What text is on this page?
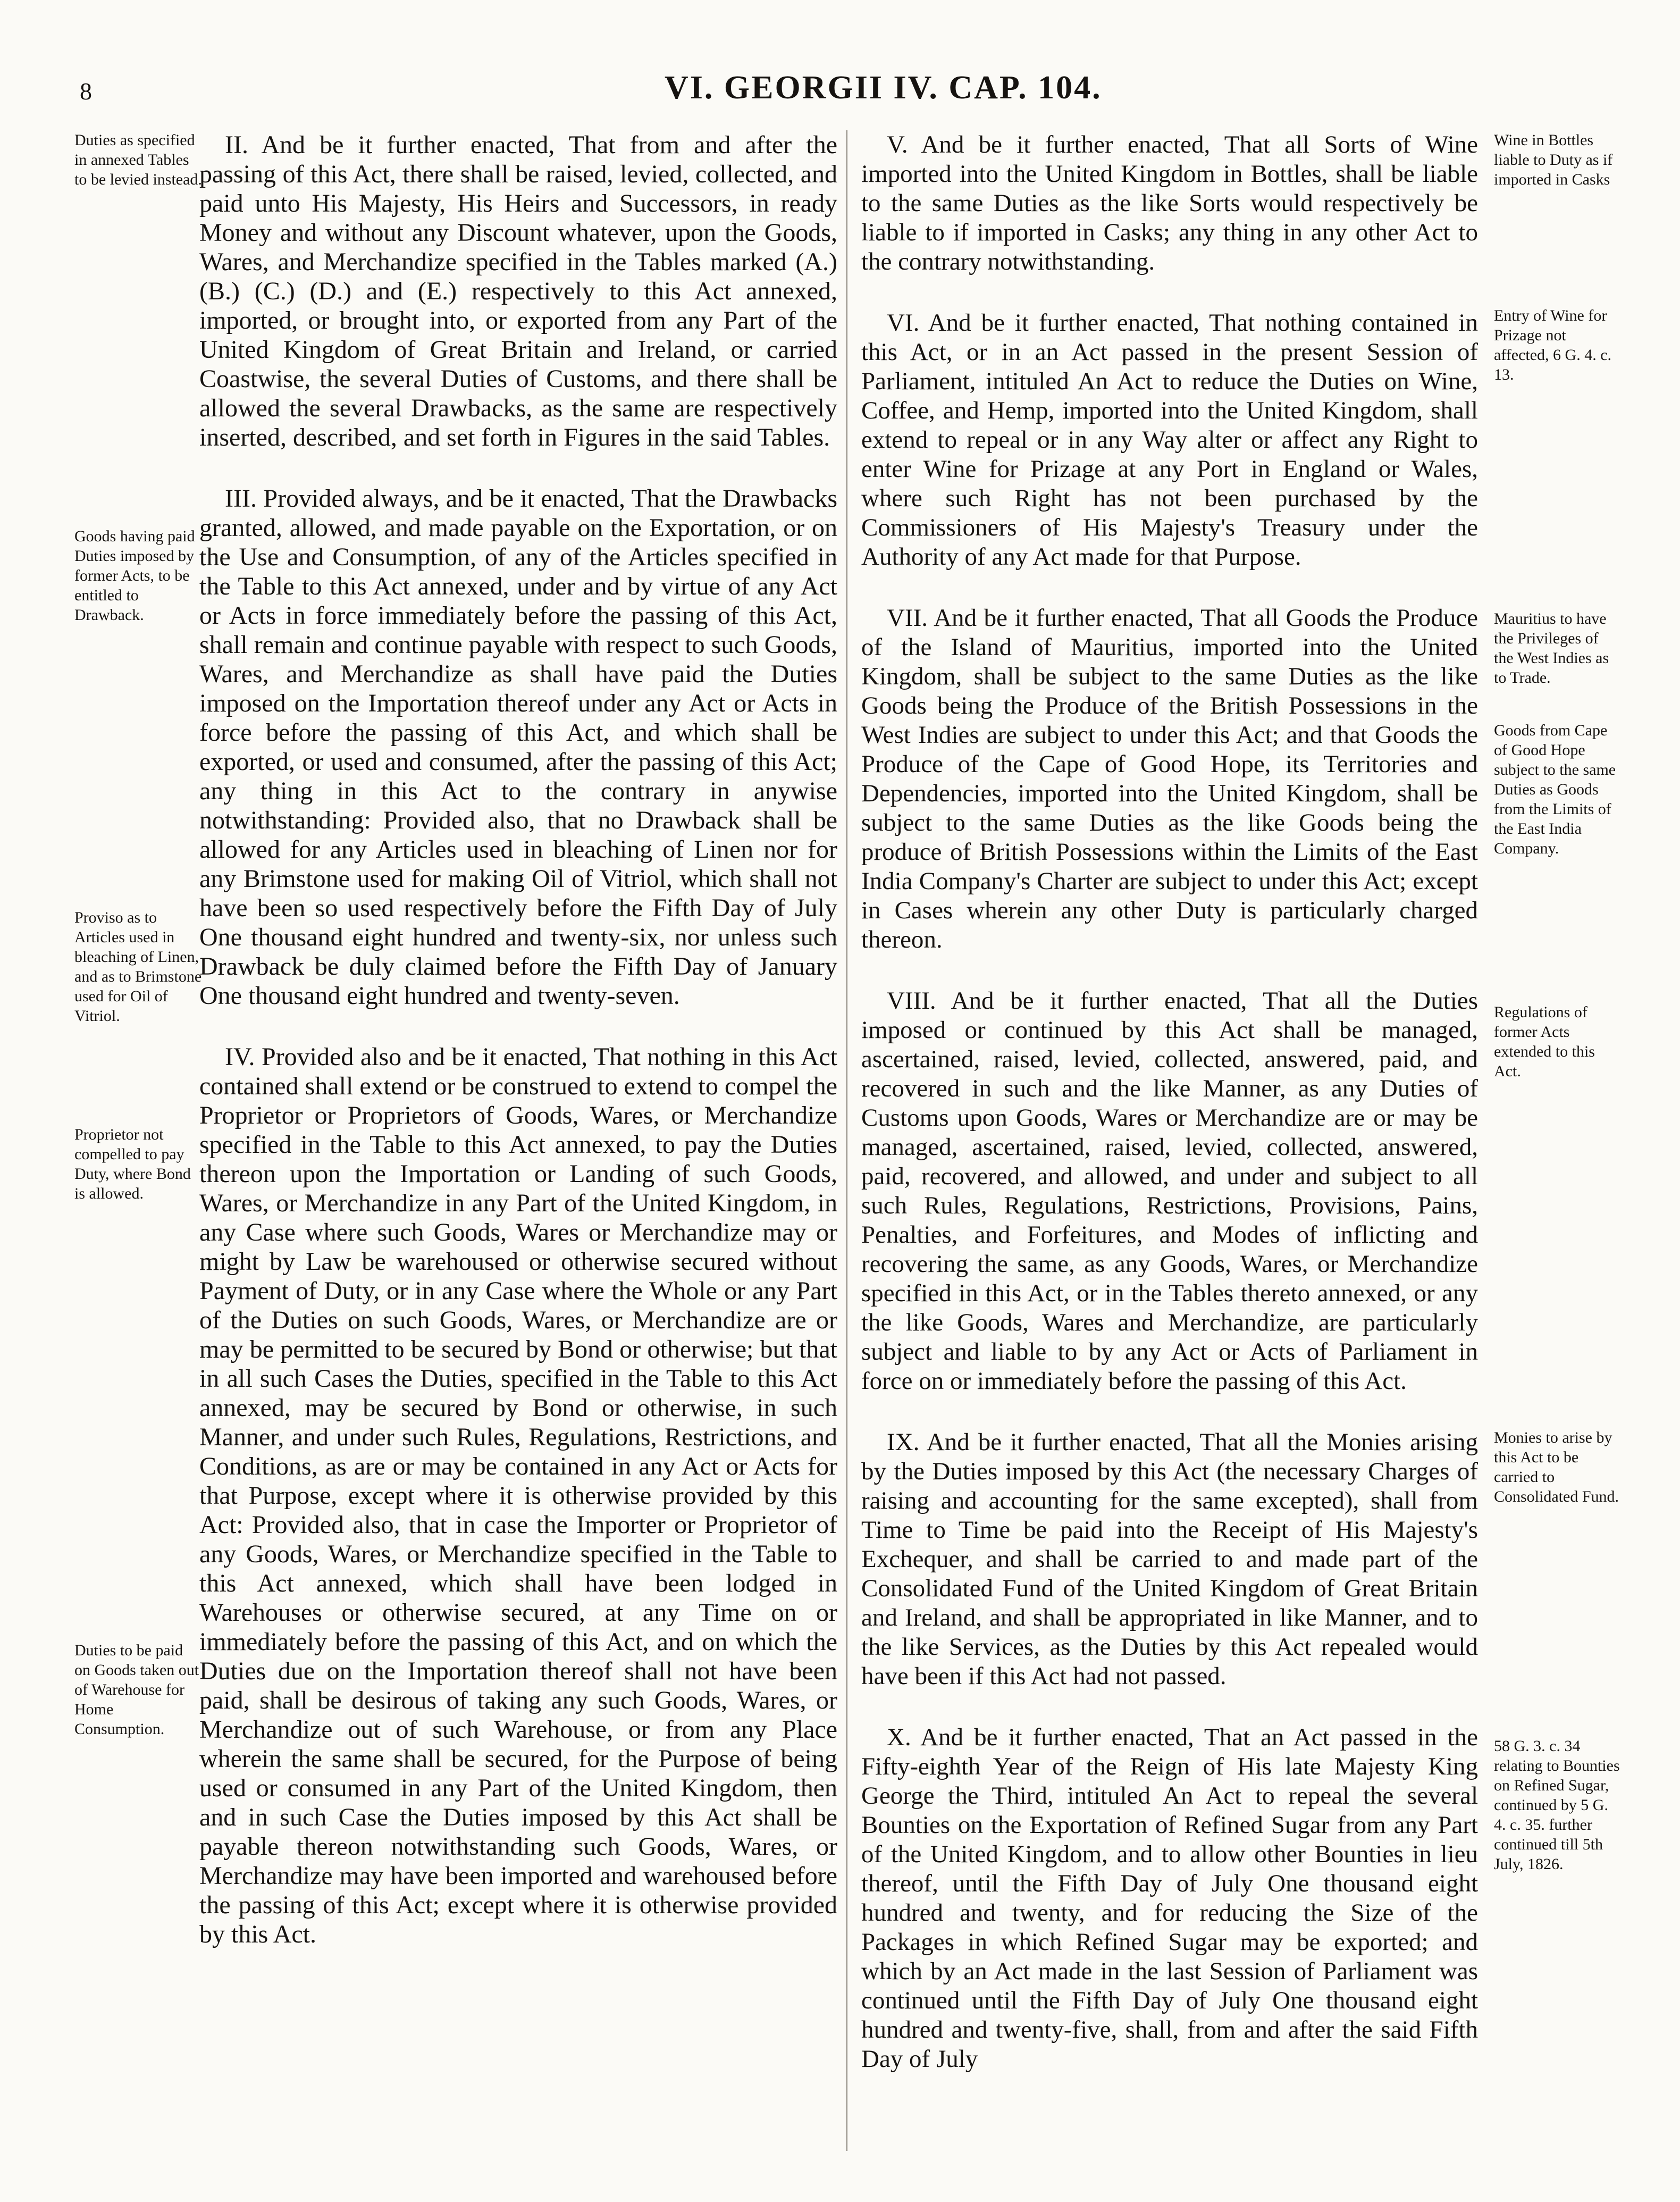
8	VI. GEORGII IV. CAP. 104.

Duties as specified in annexed Tables to be levied instead.

Goods having paid Duties imposed by former Acts, to be entitled to Drawback.

Proviso as to Articles used in bleaching of Linen, and as to Brimstone used for Oil of Vitriol.

Proprietor not compelled to pay Duty, where Bond is allowed.

Duties to be paid on Goods taken out of Warehouse for Home Consumption.

II. And be it further enacted, That from and after the passing of this Act, there shall be raised, levied, collected, and paid unto His Majesty, His Heirs and Successors, in ready Money and without any Discount whatever, upon the Goods, Wares, and Merchandize specified in the Tables marked (A.) (B.) (C.) (D.) and (E.) respectively to this Act annexed, imported, or brought into, or exported from any Part of the United Kingdom of Great Britain and Ireland, or carried Coastwise, the several Duties of Customs, and there shall be allowed the several Drawbacks, as the same are respectively inserted, described, and set forth in Figures in the said Tables.

III. Provided always, and be it enacted, That the Drawbacks granted, allowed, and made payable on the Exportation, or on the Use and Consumption, of any of the Articles specified in the Table to this Act annexed, under and by virtue of any Act or Acts in force immediately before the passing of this Act, shall remain and continue payable with respect to such Goods, Wares, and Merchandize as shall have paid the Duties imposed on the Importation thereof under any Act or Acts in force before the passing of this Act, and which shall be exported, or used and consumed, after the passing of this Act; any thing in this Act to the contrary in anywise notwithstanding: Provided also, that no Drawback shall be allowed for any Articles used in bleaching of Linen nor for any Brimstone used for making Oil of Vitriol, which shall not have been so used respectively before the Fifth Day of July One thousand eight hundred and twenty-six, nor unless such Drawback be duly claimed before the Fifth Day of January One thousand eight hundred and twenty-seven.

IV. Provided also and be it enacted, That nothing in this Act contained shall extend or be construed to extend to compel the Proprietor or Proprietors of Goods, Wares, or Merchandize specified in the Table to this Act annexed, to pay the Duties thereon upon the Importation or Landing of such Goods, Wares, or Merchandize in any Part of the United Kingdom, in any Case where such Goods, Wares or Merchandize may or might by Law be warehoused or otherwise secured without Payment of Duty, or in any Case where the Whole or any Part of the Duties on such Goods, Wares, or Merchandize are or may be permitted to be secured by Bond or otherwise; but that in all such Cases the Duties, specified in the Table to this Act annexed, may be secured by Bond or otherwise, in such Manner, and under such Rules, Regulations, Restrictions, and Conditions, as are or may be contained in any Act or Acts for that Purpose, except where it is otherwise provided by this Act: Provided also, that in case the Importer or Proprietor of any Goods, Wares, or Merchandize specified in the Table to this Act annexed, which shall have been lodged in Warehouses or otherwise secured, at any Time on or immediately before the passing of this Act, and on which the Duties due on the Importation thereof shall not have been paid, shall be desirous of taking any such Goods, Wares, or Merchandize out of such Warehouse, or from any Place wherein the same shall be secured, for the Purpose of being used or consumed in any Part of the United Kingdom, then and in such Case the Duties imposed by this Act shall be payable thereon notwithstanding such Goods, Wares, or Merchandize may have been imported and warehoused before the passing of this Act; except where it is otherwise provided by this Act.

V. And be it further enacted, That all Sorts of Wine imported into the United Kingdom in Bottles, shall be liable to the same Duties as the like Sorts would respectively be liable to if imported in Casks; any thing in any other Act to the contrary notwithstanding.

VI. And be it further enacted, That nothing contained in this Act, or in an Act passed in the present Session of Parliament, intituled An Act to reduce the Duties on Wine, Coffee, and Hemp, imported into the United Kingdom, shall extend to repeal or in any Way alter or affect any Right to enter Wine for Prizage at any Port in England or Wales, where such Right has not been purchased by the Commissioners of His Majesty's Treasury under the Authority of any Act made for that Purpose.

VII. And be it further enacted, That all Goods the Produce of the Island of Mauritius, imported into the United Kingdom, shall be subject to the same Duties as the like Goods being the Produce of the British Possessions in the West Indies are subject to under this Act; and that Goods the Produce of the Cape of Good Hope, its Territories and Dependencies, imported into the United Kingdom, shall be subject to the same Duties as the like Goods being the produce of British Possessions within the Limits of the East India Company's Charter are subject to under this Act; except in Cases wherein any other Duty is particularly charged thereon.

VIII. And be it further enacted, That all the Duties imposed or continued by this Act shall be managed, ascertained, raised, levied, collected, answered, paid, and recovered in such and the like Manner, as any Duties of Customs upon Goods, Wares or Merchandize are or may be managed, ascertained, raised, levied, collected, answered, paid, recovered, and allowed, and under and subject to all such Rules, Regulations, Restrictions, Provisions, Pains, Penalties, and Forfeitures, and Modes of inflicting and recovering the same, as any Goods, Wares, or Merchandize specified in this Act, or in the Tables thereto annexed, or any the like Goods, Wares and Merchandize, are particularly subject and liable to by any Act or Acts of Parliament in force on or immediately before the passing of this Act.

IX. And be it further enacted, That all the Monies arising by the Duties imposed by this Act (the necessary Charges of raising and accounting for the same excepted), shall from Time to Time be paid into the Receipt of His Majesty's Exchequer, and shall be carried to and made part of the Consolidated Fund of the United Kingdom of Great Britain and Ireland, and shall be appropriated in like Manner, and to the like Services, as the Duties by this Act repealed would have been if this Act had not passed.

X. And be it further enacted, That an Act passed in the Fifty-eighth Year of the Reign of His late Majesty King George the Third, intituled An Act to repeal the several Bounties on the Exportation of Refined Sugar from any Part of the United Kingdom, and to allow other Bounties in lieu thereof, until the Fifth Day of July One thousand eight hundred and twenty, and for reducing the Size of the Packages in which Refined Sugar may be exported; and which by an Act made in the last Session of Parliament was continued until the Fifth Day of July One thousand eight hundred and twenty-five, shall, from and after the said Fifth Day of July

Wine in Bottles liable to Duty as if imported in Casks

Entry of Wine for Prizage not affected, 6 G. 4. c. 13.

Mauritius to have the Privileges of the West Indies as to Trade.

Goods from Cape of Good Hope subject to the same Duties as Goods from the Limits of the East India Company.

Regulations of former Acts extended to this Act.

Monies to arise by this Act to be carried to Consolidated Fund.

58 G. 3. c. 34 relating to Bounties on Refined Sugar, continued by 5 G. 4. c. 35. further continued till 5th July, 1826.
